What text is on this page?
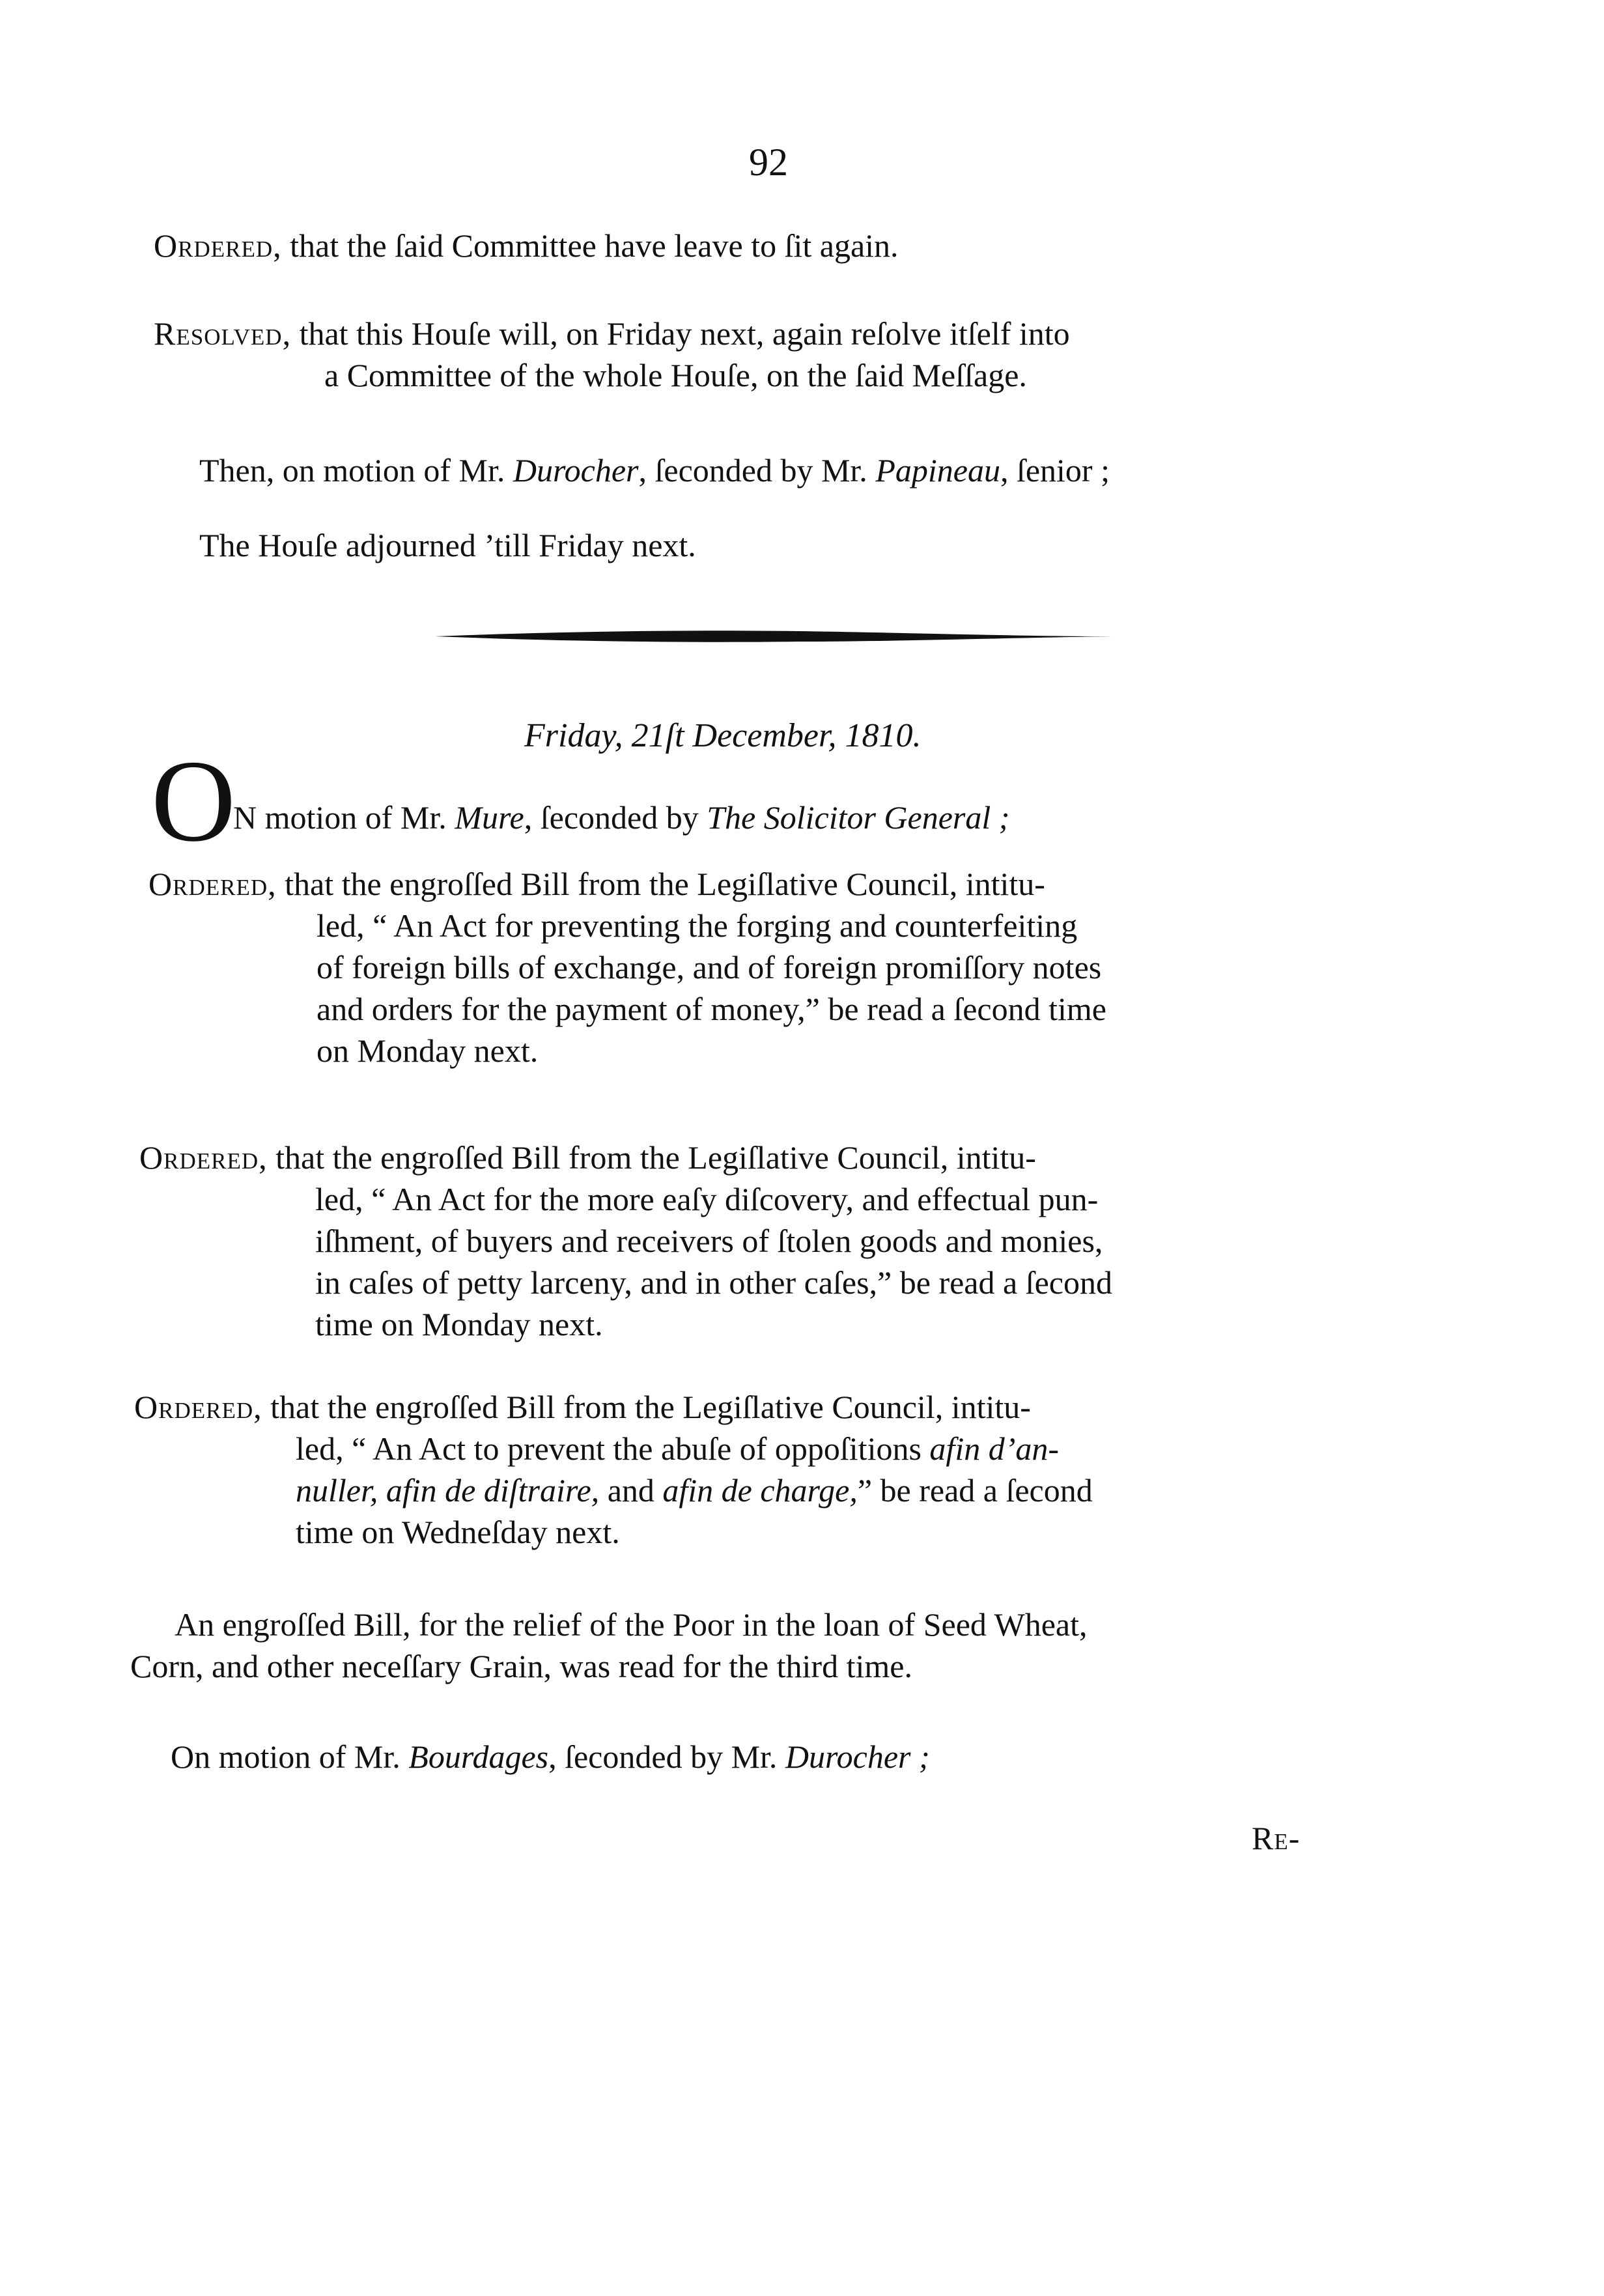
92
Ordered, that the ſaid Committee have leave to ſit again.
Resolved, that this Houſe will, on Friday next, again reſolve itſelf into
a Committee of the whole Houſe, on the ſaid Meſſage.
Then, on motion of Mr. Durocher, ſeconded by Mr. Papineau, ſenior ;
The Houſe adjourned ’till Friday next.
Friday, 21ſt December, 1810.
O
N motion of Mr. Mure, ſeconded by The Solicitor General ;
Ordered, that the engroſſed Bill from the Legiſlative Council, intitu-
led, “ An Act for preventing the forging and counterfeiting
of foreign bills of exchange, and of foreign promiſſory notes
and orders for the payment of money,” be read a ſecond time
on Monday next.
Ordered, that the engroſſed Bill from the Legiſlative Council, intitu-
led, “ An Act for the more eaſy diſcovery, and effectual pun-
iſhment, of buyers and receivers of ſtolen goods and monies,
in caſes of petty larceny, and in other caſes,” be read a ſecond
time on Monday next.
Ordered, that the engroſſed Bill from the Legiſlative Council, intitu-
led, “ An Act to prevent the abuſe of oppoſitions afin d’an-
nuller, afin de diſtraire, and afin de charge,” be read a ſecond
time on Wedneſday next.
An engroſſed Bill, for the relief of the Poor in the loan of Seed Wheat,
Corn, and other neceſſary Grain, was read for the third time.
On motion of Mr. Bourdages, ſeconded by Mr. Durocher ;
Re-
